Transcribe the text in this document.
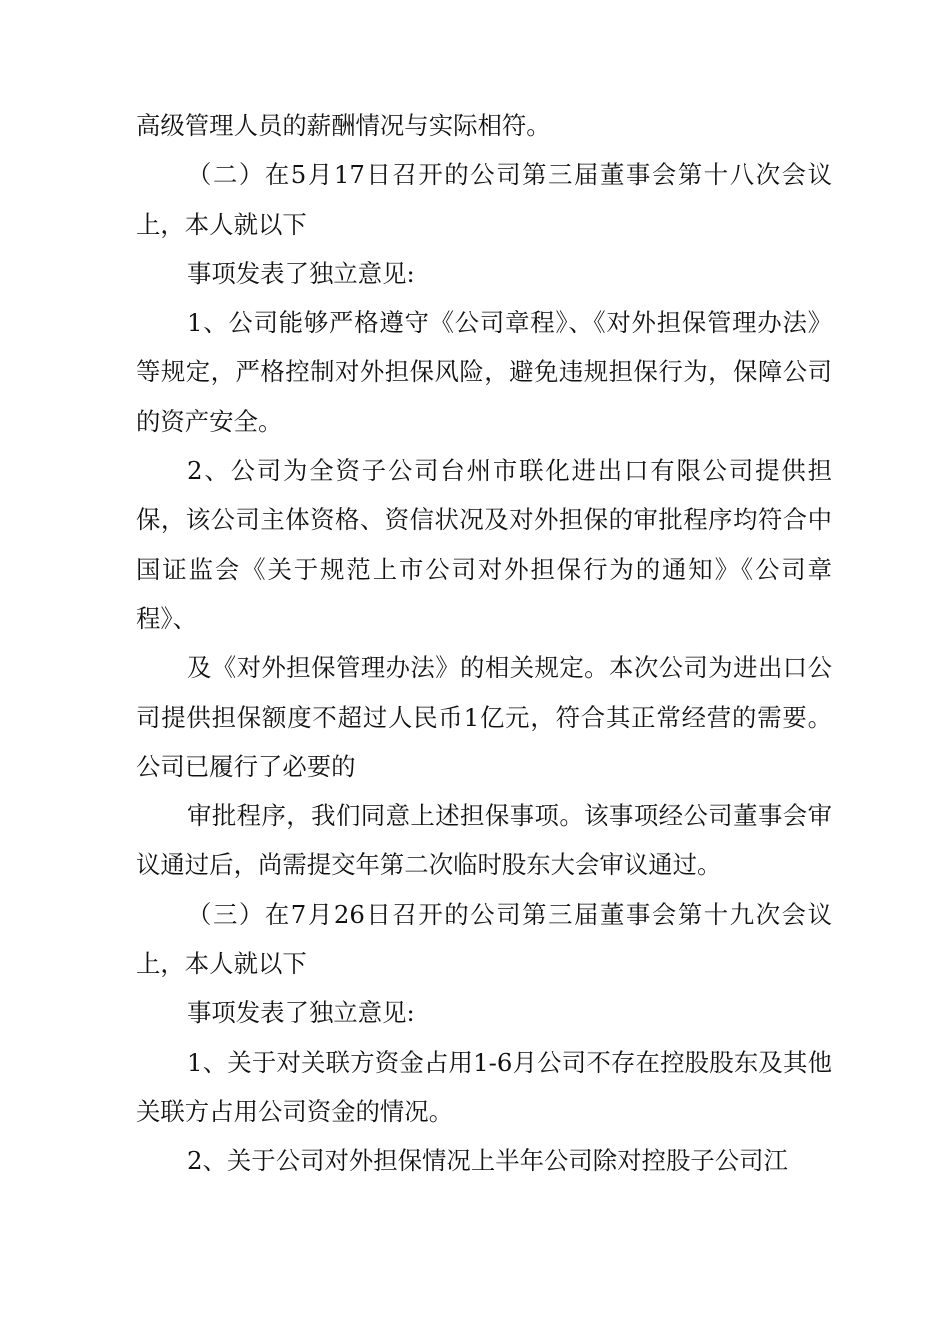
高级管理人员的薪酬情况与实际相符。

（二）在5月17日召开的公司第三届董事会第十八次会议上，本人就以下

事项发表了独立意见:

1、公司能够严格遵守《公司章程》、《对外担保管理办法》等规定，严格控制对外担保风险，避免违规担保行为，保障公司的资产安全。

2、公司为全资子公司台州市联化进出口有限公司提供担保，该公司主体资格、资信状况及对外担保的审批程序均符合中国证监会《关于规范上市公司对外担保行为的通知》《公司章程》、

及《对外担保管理办法》的相关规定。本次公司为进出口公司提供担保额度不超过人民币1亿元，符合其正常经营的需要。公司已履行了必要的

审批程序，我们同意上述担保事项。该事项经公司董事会审议通过后，尚需提交年第二次临时股东大会审议通过。

（三）在7月26日召开的公司第三届董事会第十九次会议上，本人就以下

事项发表了独立意见:

1、关于对关联方资金占用1-6月公司不存在控股股东及其他关联方占用公司资金的情况。

2、关于公司对外担保情况上半年公司除对控股子公司江
